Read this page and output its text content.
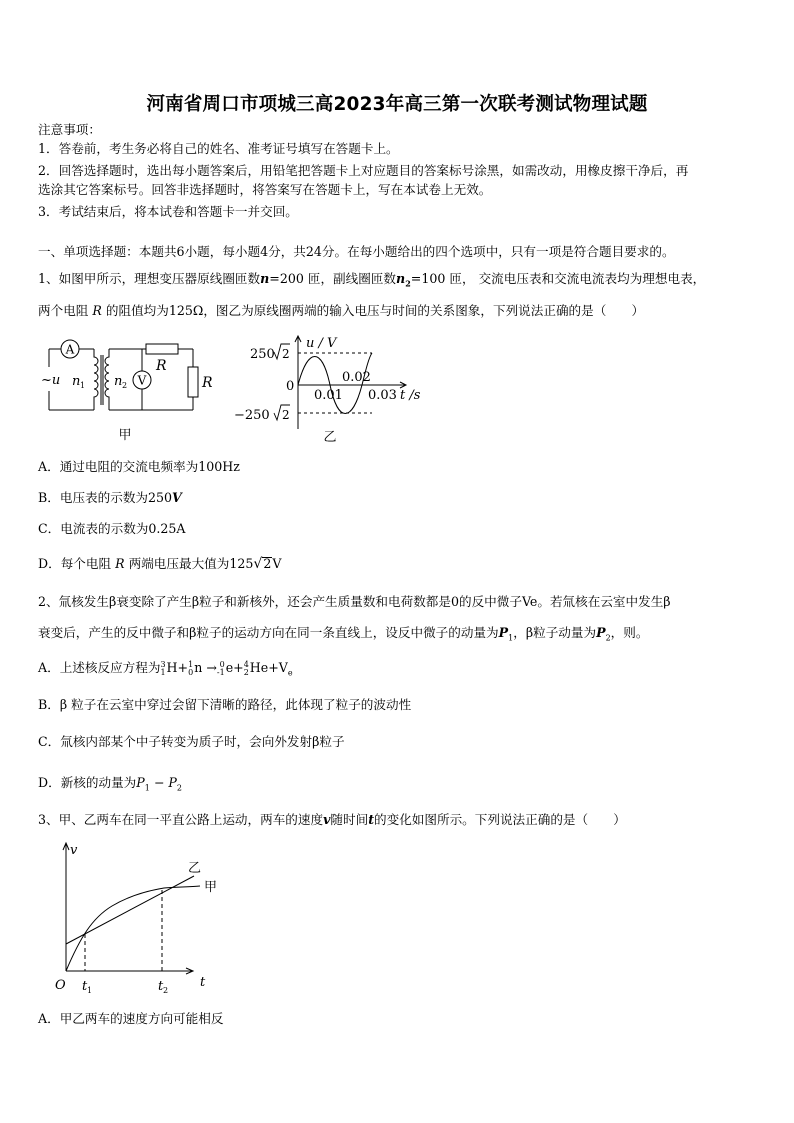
河南省周口市项城三高2023年高三第一次联考测试物理试题
注意事项：
1．答卷前，考生务必将自己的姓名、准考证号填写在答题卡上。
2．回答选择题时，选出每小题答案后，用铅笔把答题卡上对应题目的答案标号涂黑，如需改动，用橡皮擦干净后，再
选涂其它答案标号。回答非选择题时，将答案写在答题卡上，写在本试卷上无效。
3．考试结束后，将本试卷和答题卡一并交回。
一、单项选择题：本题共6小题，每小题4分，共24分。在每小题给出的四个选项中，只有一项是符合题目要求的。
1、如图甲所示，理想变压器原线圈匝数n=200 匝，副线圈匝数$n_2=100$ 匝， 交流电压表和交流电流表均为理想电表，
两个电阻 R 的阻值均为125Ω，图乙为原线圈两端的输入电压与时间的关系图象，下列说法正确的是（　　）
A
V
~u n 1 n 2
R
R
甲
u / V
250 2
0
−250 2
0.02
0.01 0.03 t /s
乙
A．通过电阻的交流电频率为100Hz
B．电压表的示数为250V
C．电流表的示数为0.25A
D．每个电阻 R 两端电压最大值为125√2V
2、氚核发生β衰变除了产生β粒子和新核外，还会产生质量数和电荷数都是0的反中微子Ve。若氚核在云室中发生β
衰变后，产生的反中微子和β粒子的运动方向在同一条直线上，设反中微子的动量为$P_1$，β粒子动量为$P_2$，则。
A．上述核反应方程为 3
1 H+ 1
0 n → 0
-1 e+ 4
2 $He+V_e$
B．β 粒子在云室中穿过会留下清晰的路径，此体现了粒子的波动性
C．氚核内部某个中子转变为质子时，会向外发射β粒子
D．新核的动量为$P_1 - P_2$
3、甲、乙两车在同一平直公路上运动，两车的速度v随时间t的变化如图所示。下列说法正确的是（　　）
v
O t 1	t 2
t
乙
甲
A．甲乙两车的速度方向可能相反
